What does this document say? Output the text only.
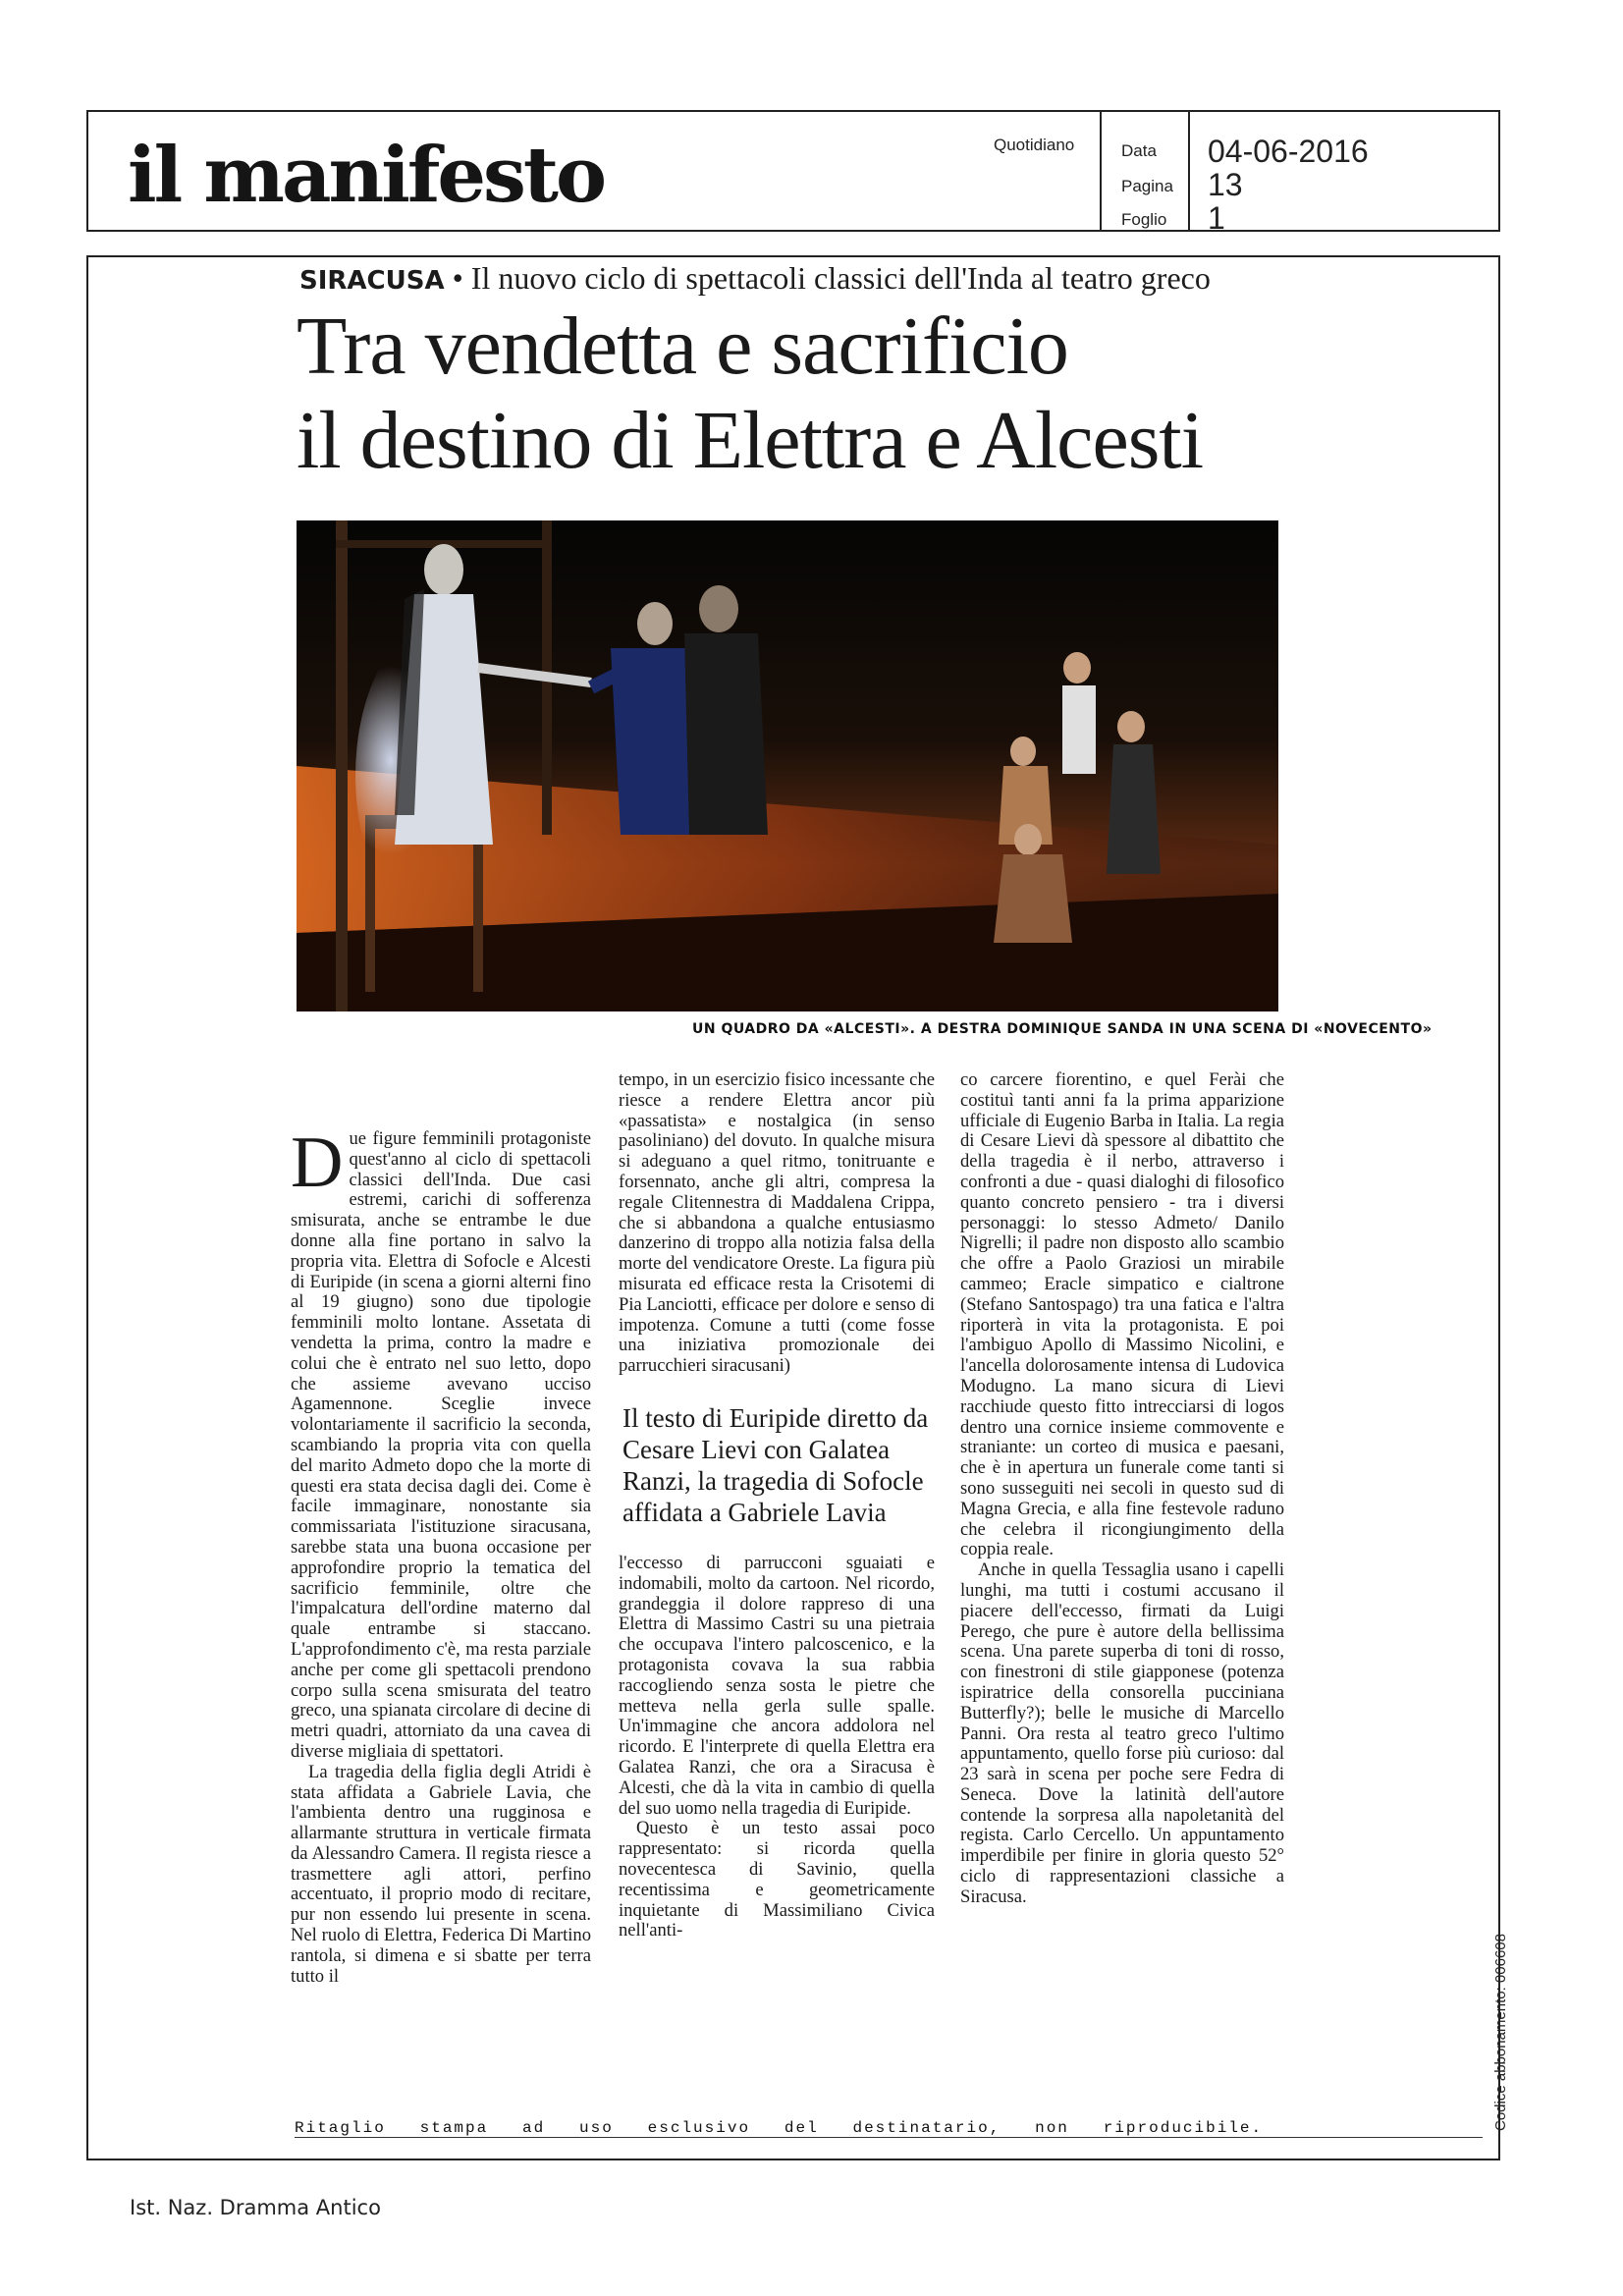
il manifesto	Quotidiano	Data 04-06-2016
Pagina 13
Foglio 1
SIRACUSA • Il nuovo ciclo di spettacoli classici dell'Inda al teatro greco
Tra vendetta e sacrificio
il destino di Elettra e Alcesti
UN QUADRO DA «ALCESTI». A DESTRA DOMINIQUE SANDA IN UNA SCENA DI «NOVECENTO»

Due figure femminili protagoniste quest'anno al ciclo di spettacoli classici dell'Inda. Due casi estremi, carichi di sofferenza smisurata, anche se entrambe le due donne alla fine portano in salvo la propria vita. Elettra di Sofocle e Alcesti di Euripide (in scena a giorni alterni fino al 19 giugno) sono due tipologie femminili molto lontane. Assetata di vendetta la prima, contro la madre e colui che è entrato nel suo letto, dopo che assieme avevano ucciso Agamennone. Sceglie invece volontariamente il sacrificio la seconda, scambiando la propria vita con quella del marito Admeto dopo che la morte di questi era stata decisa dagli dei. Come è facile immaginare, nonostante sia commissariata l'istituzione siracusana, sarebbe stata una buona occasione per approfondire proprio la tematica del sacrificio femminile, oltre che l'impalcatura dell'ordine materno dal quale entrambe si staccano. L'approfondimento c'è, ma resta parziale anche per come gli spettacoli prendono corpo sulla scena smisurata del teatro greco, una spianata circolare di decine di metri quadri, attorniato da una cavea di diverse migliaia di spettatori.

La tragedia della figlia degli Atridi è stata affidata a Gabriele Lavia, che l'ambienta dentro una rugginosa e allarmante struttura in verticale firmata da Alessandro Camera. Il regista riesce a trasmettere agli attori, perfino accentuato, il proprio modo di recitare, pur non essendo lui presente in scena. Nel ruolo di Elettra, Federica Di Martino rantola, si dimena e si sbatte per terra tutto il

tempo, in un esercizio fisico incessante che riesce a rendere Elettra ancor più «passatista» e nostalgica (in senso pasoliniano) del dovuto. In qualche misura si adeguano a quel ritmo, tonitruante e forsennato, anche gli altri, compresa la regale Clitennestra di Maddalena Crippa, che si abbandona a qualche entusiasmo danzerino di troppo alla notizia falsa della morte del vendicatore Oreste. La figura più misurata ed efficace resta la Crisotemi di Pia Lanciotti, efficace per dolore e senso di impotenza. Comune a tutti (come fosse una iniziativa promozionale dei parrucchieri siracusani)

Il testo di Euripide diretto da Cesare Lievi con Galatea Ranzi, la tragedia di Sofocle affidata a Gabriele Lavia

l'eccesso di parrucconi sguaiati e indomabili, molto da cartoon. Nel ricordo, grandeggia il dolore rappreso di una Elettra di Massimo Castri su una pietraia che occupava l'intero palcoscenico, e la protagonista covava la sua rabbia raccogliendo senza sosta le pietre che metteva nella gerla sulle spalle. Un'immagine che ancora addolora nel ricordo. E l'interprete di quella Elettra era Galatea Ranzi, che ora a Siracusa è Alcesti, che dà la vita in cambio di quella del suo uomo nella tragedia di Euripide.

Questo è un testo assai poco rappresentato: si ricorda quella novecentesca di Savinio, quella recentissima e geometricamente inquietante di Massimiliano Civica nell'anti-

co carcere fiorentino, e quel Ferài che costituì tanti anni fa la prima apparizione ufficiale di Eugenio Barba in Italia. La regia di Cesare Lievi dà spessore al dibattito che della tragedia è il nerbo, attraverso i confronti a due - quasi dialoghi di filosofico quanto concreto pensiero - tra i diversi personaggi: lo stesso Admeto/ Danilo Nigrelli; il padre non disposto allo scambio che offre a Paolo Graziosi un mirabile cammeo; Eracle simpatico e cialtrone (Stefano Santospago) tra una fatica e l'altra riporterà in vita la protagonista. E poi l'ambiguo Apollo di Massimo Nicolini, e l'ancella dolorosamente intensa di Ludovica Modugno. La mano sicura di Lievi racchiude questo fitto intrecciarsi di logos dentro una cornice insieme commovente e straniante: un corteo di musica e paesani, che è in apertura un funerale come tanti si sono susseguiti nei secoli in questo sud di Magna Grecia, e alla fine festevole raduno che celebra il ricongiungimento della coppia reale.

Anche in quella Tessaglia usano i capelli lunghi, ma tutti i costumi accusano il piacere dell'eccesso, firmati da Luigi Perego, che pure è autore della bellissima scena. Una parete superba di toni di rosso, con finestroni di stile giapponese (potenza ispiratrice della consorella pucciniana Butterfly?); belle le musiche di Marcello Panni. Ora resta al teatro greco l'ultimo appuntamento, quello forse più curioso: dal 23 sarà in scena per poche sere Fedra di Seneca. Dove la latinità dell'autore contende la sorpresa alla napoletanità del regista. Carlo Cercello. Un appuntamento imperdibile per finire in gloria questo 52° ciclo di rappresentazioni classiche a Siracusa.

Ritaglio   stampa   ad   uso   esclusivo   del   destinatario,   non   riproducibile.	Codice abbonamento: 006608
Ist. Naz. Dramma Antico
